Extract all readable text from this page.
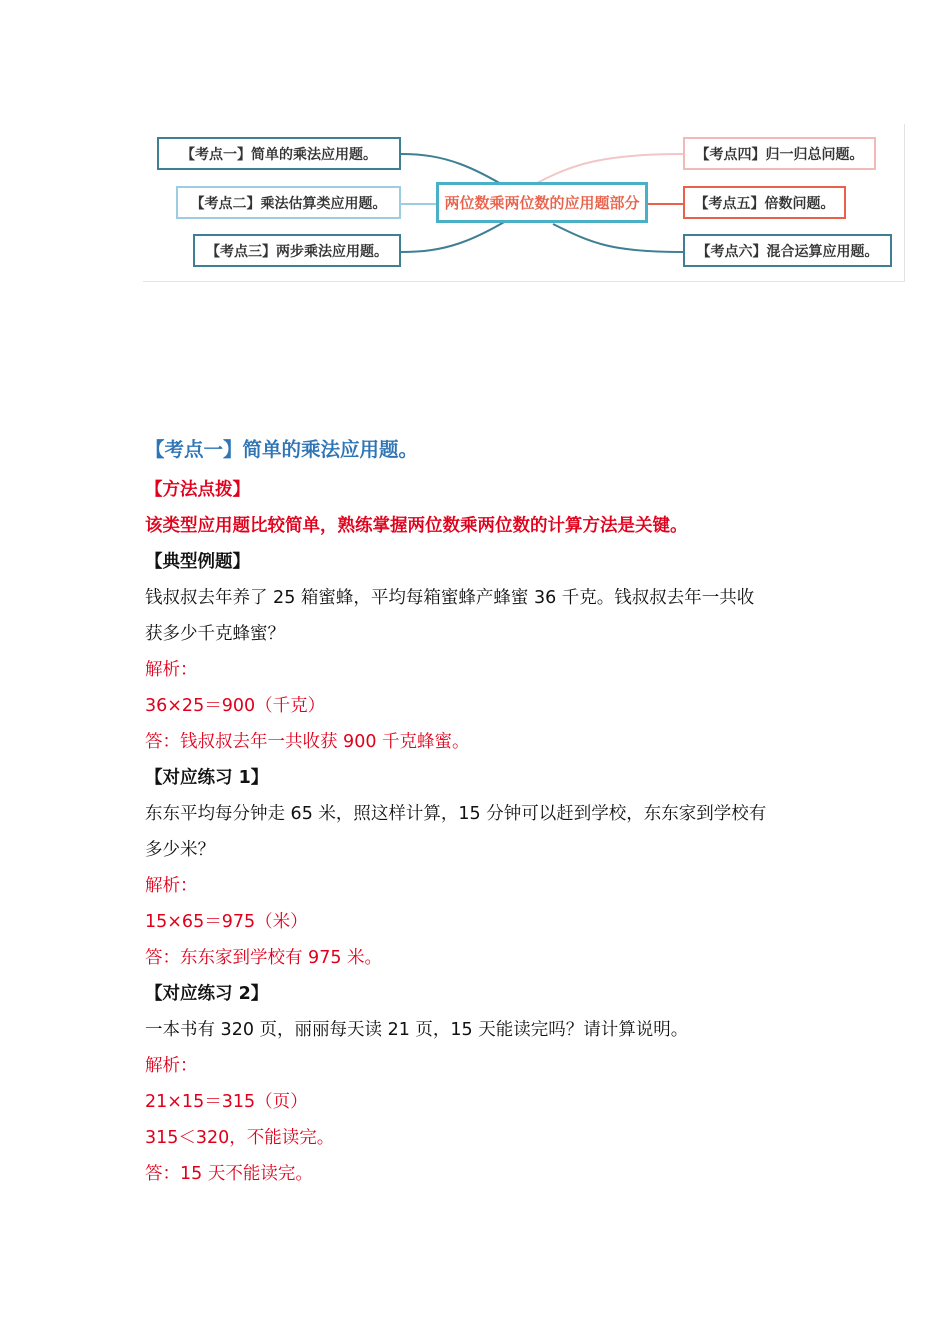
【考点一】简单的乘法应用题。
【考点二】乘法估算类应用题。
【考点三】两步乘法应用题。
两位数乘两位数的应用题部分
【考点四】归一归总问题。
【考点五】倍数问题。
【考点六】混合运算应用题。
【考点一】简单的乘法应用题。
【方法点拨】
该类型应用题比较简单，熟练掌握两位数乘两位数的计算方法是关键。
【典型例题】
钱叔叔去年养了 25 箱蜜蜂，平均每箱蜜蜂产蜂蜜 36 千克。钱叔叔去年一共收
获多少千克蜂蜜？
解析：
36×25＝900（千克）
答：钱叔叔去年一共收获 900 千克蜂蜜。
【对应练习 1】
东东平均每分钟走 65 米，照这样计算，15 分钟可以赶到学校，东东家到学校有
多少米？
解析：
15×65＝975（米）
答：东东家到学校有 975 米。
【对应练习 2】
一本书有 320 页，丽丽每天读 21 页，15 天能读完吗？请计算说明。
解析：
21×15＝315（页）
315＜320，不能读完。
答：15 天不能读完。
